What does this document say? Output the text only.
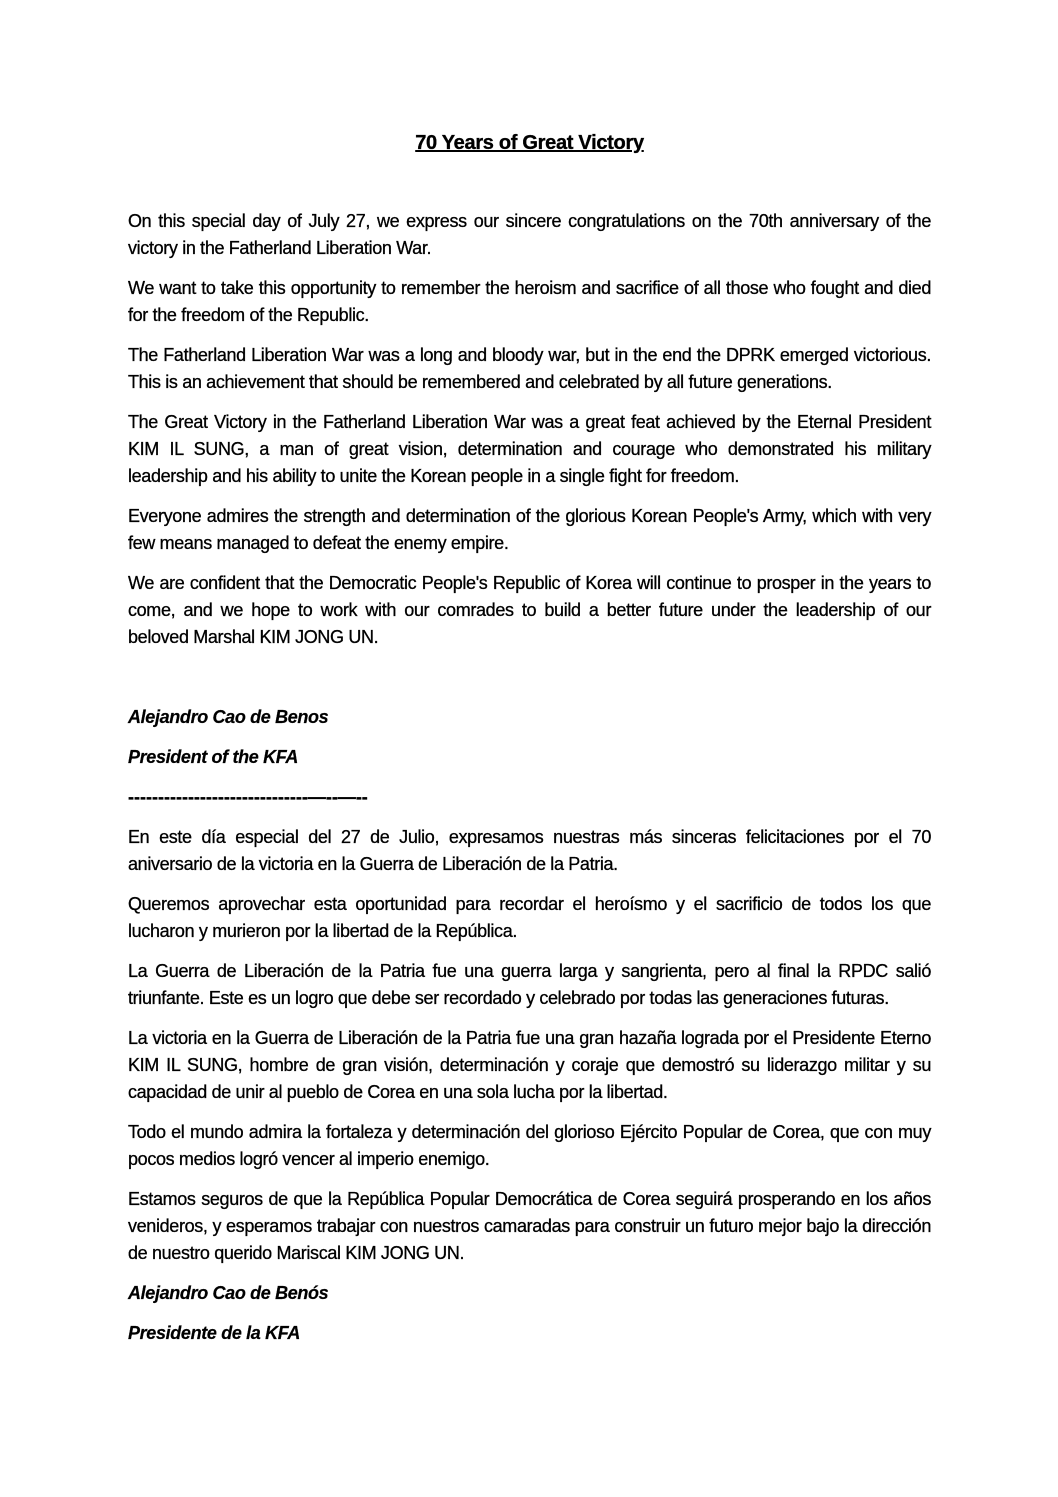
70 Years of Great Victory

On this special day of July 27, we express our sincere congratulations on the 70th anniversary of the victory in the Fatherland Liberation War.

We want to take this opportunity to remember the heroism and sacrifice of all those who fought and died for the freedom of the Republic.

The Fatherland Liberation War was a long and bloody war, but in the end the DPRK emerged victorious. This is an achievement that should be remembered and celebrated by all future generations.

The Great Victory in the Fatherland Liberation War was a great feat achieved by the Eternal President KIM IL SUNG, a man of great vision, determination and courage who demonstrated his military leadership and his ability to unite the Korean people in a single fight for freedom.

Everyone admires the strength and determination of the glorious Korean People's Army, which with very few means managed to defeat the enemy empire.

We are confident that the Democratic People's Republic of Korea will continue to prosper in the years to come, and we hope to work with our comrades to build a better future under the leadership of our beloved Marshal KIM JONG UN.

Alejandro Cao de Benos

President of the KFA

------------------------------—--—--

En este día especial del 27 de Julio, expresamos nuestras más sinceras felicitaciones por el 70 aniversario de la victoria en la Guerra de Liberación de la Patria.

Queremos aprovechar esta oportunidad para recordar el heroísmo y el sacrificio de todos los que lucharon y murieron por la libertad de la República.

La Guerra de Liberación de la Patria fue una guerra larga y sangrienta, pero al final la RPDC salió triunfante. Este es un logro que debe ser recordado y celebrado por todas las generaciones futuras.

La victoria en la Guerra de Liberación de la Patria fue una gran hazaña lograda por el Presidente Eterno KIM IL SUNG, hombre de gran visión, determinación y coraje que demostró su liderazgo militar y su capacidad de unir al pueblo de Corea en una sola lucha por la libertad.

Todo el mundo admira la fortaleza y determinación del glorioso Ejército Popular de Corea, que con muy pocos medios logró vencer al imperio enemigo.

Estamos seguros de que la República Popular Democrática de Corea seguirá prosperando en los años venideros, y esperamos trabajar con nuestros camaradas para construir un futuro mejor bajo la dirección de nuestro querido Mariscal KIM JONG UN.

Alejandro Cao de Benós

Presidente de la KFA
